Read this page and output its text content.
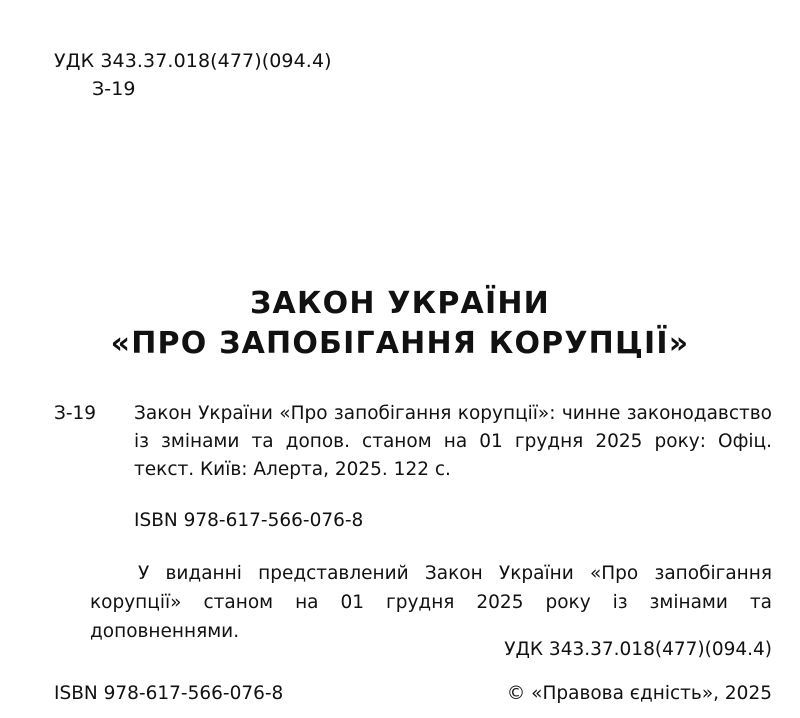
УДК 343.37.018(477)(094.4)
З-19
ЗАКОН УКРАЇНИ
«ПРО ЗАПОБІГАННЯ КОРУПЦІЇ»
З-19	Закон України «Про запобігання корупції»: чинне законодавство із змінами та допов. станом на 01 грудня 2025 року: Офіц. текст. Київ: Алерта, 2025. 122 с.
ISBN 978-617-566-076-8
У виданні представлений Закон України «Про запобігання корупції» станом на 01 грудня 2025 року із змінами та доповненнями.
УДК 343.37.018(477)(094.4)
ISBN 978-617-566-076-8	© «Правова єдність», 2025
